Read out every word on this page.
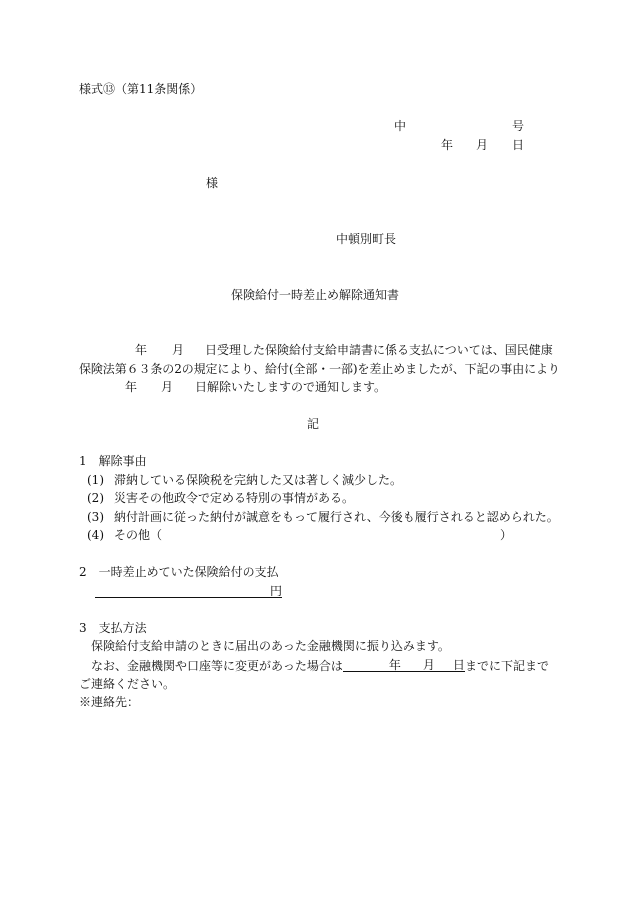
様式⑬（第11条関係）
中	号
年 月 日
様
中頓別町長
保険給付一時差止め解除通知書
年 月 日受理した保険給付支給申請書に係る支払については、国民健康
保険法第６３条の2の規定により、給付(全部・一部)を差止めましたが、下記の事由により
年 月 日解除いたしますので通知します。
記
1　解除事由
(1) 滞納している保険税を完納した又は著しく減少した。
(2) 災害その他政令で定める特別の事情がある。
(3) 納付計画に従った納付が誠意をもって履行され、今後も履行されると認められた。
(4) その他（	）
2　一時差止めていた保険給付の支払
円
3　支払方法
保険給付支給申請のときに届出のあった金融機関に振り込みます。
なお、金融機関や口座等に変更があった場合は	年 月 日までに下記まで
ご連絡ください。
※連絡先：
